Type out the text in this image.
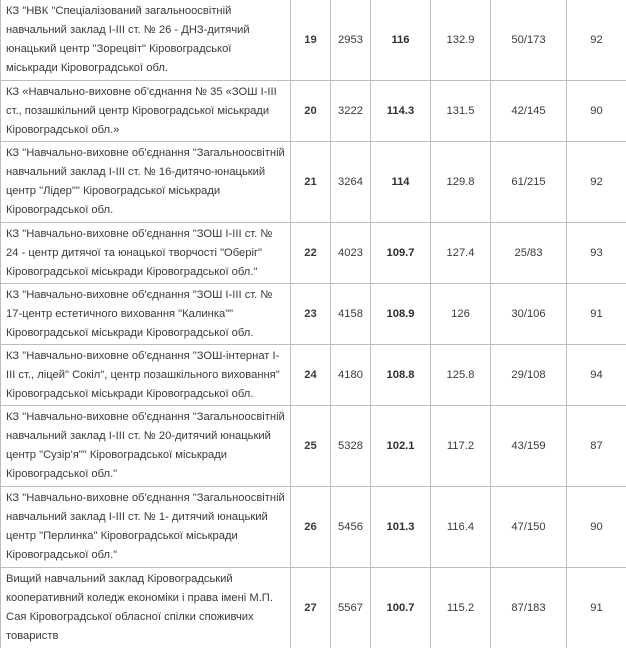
КЗ "НВК "Спеціалізований загальноосвітній навчальний заклад І-ІІІ ст. № 26 - ДНЗ-дитячий юнацький центр "Зорецвіт" Кіровоградської міськради Кіровоградської обл.	19	2953	116	132.9	50/173	92
КЗ «Навчально-виховне об'єднання № 35 «ЗОШ І-ІІІ ст., позашкільний центр Кіровоградської міськради Кіровоградської обл.»	20	3222	114.3	131.5	42/145	90
КЗ "Навчально-виховне об'єднання "Загальноосвітній навчальний заклад І-ІІІ ст. № 16-дитячо-юнацький центр "Лідер"" Кіровоградської міськради Кіровоградської обл.	21	3264	114	129.8	61/215	92
КЗ "Навчально-виховне об'єднання "ЗОШ І-ІІІ ст. № 24 - центр дитячої та юнацької творчості "Оберіг" Кіровоградської міськради Кіровоградської обл."	22	4023	109.7	127.4	25/83	93
КЗ "Навчально-виховне об'єднання "ЗОШ І-ІІІ ст. № 17-центр естетичного виховання "Калинка"" Кіровоградської міськради Кіровоградської обл.	23	4158	108.9	126	30/106	91
КЗ "Навчально-виховне об'єднання "ЗОШ-інтернат І-ІІІ ст., ліцей" Сокіл", центр позашкільного виховання" Кіровоградської міськради Кіровоградської обл.	24	4180	108.8	125.8	29/108	94
КЗ "Навчально-виховне об'єднання "Загальноосвітній навчальний заклад І-ІІІ ст. № 20-дитячий юнацький центр "Сузір'я"" Кіровоградської міськради Кіровоградської обл."	25	5328	102.1	117.2	43/159	87
КЗ "Навчально-виховне об'єднання "Загальноосвітній навчальний заклад І-ІІІ ст. № 1- дитячий юнацький центр "Перлинка" Кіровоградської міськради Кіровоградської обл."	26	5456	101.3	116.4	47/150	90
Вищий навчальний заклад Кіровоградський кооперативний коледж економіки і права імені М.П. Сая Кіровоградської обласної спілки споживчих товариств	27	5567	100.7	115.2	87/183	91
